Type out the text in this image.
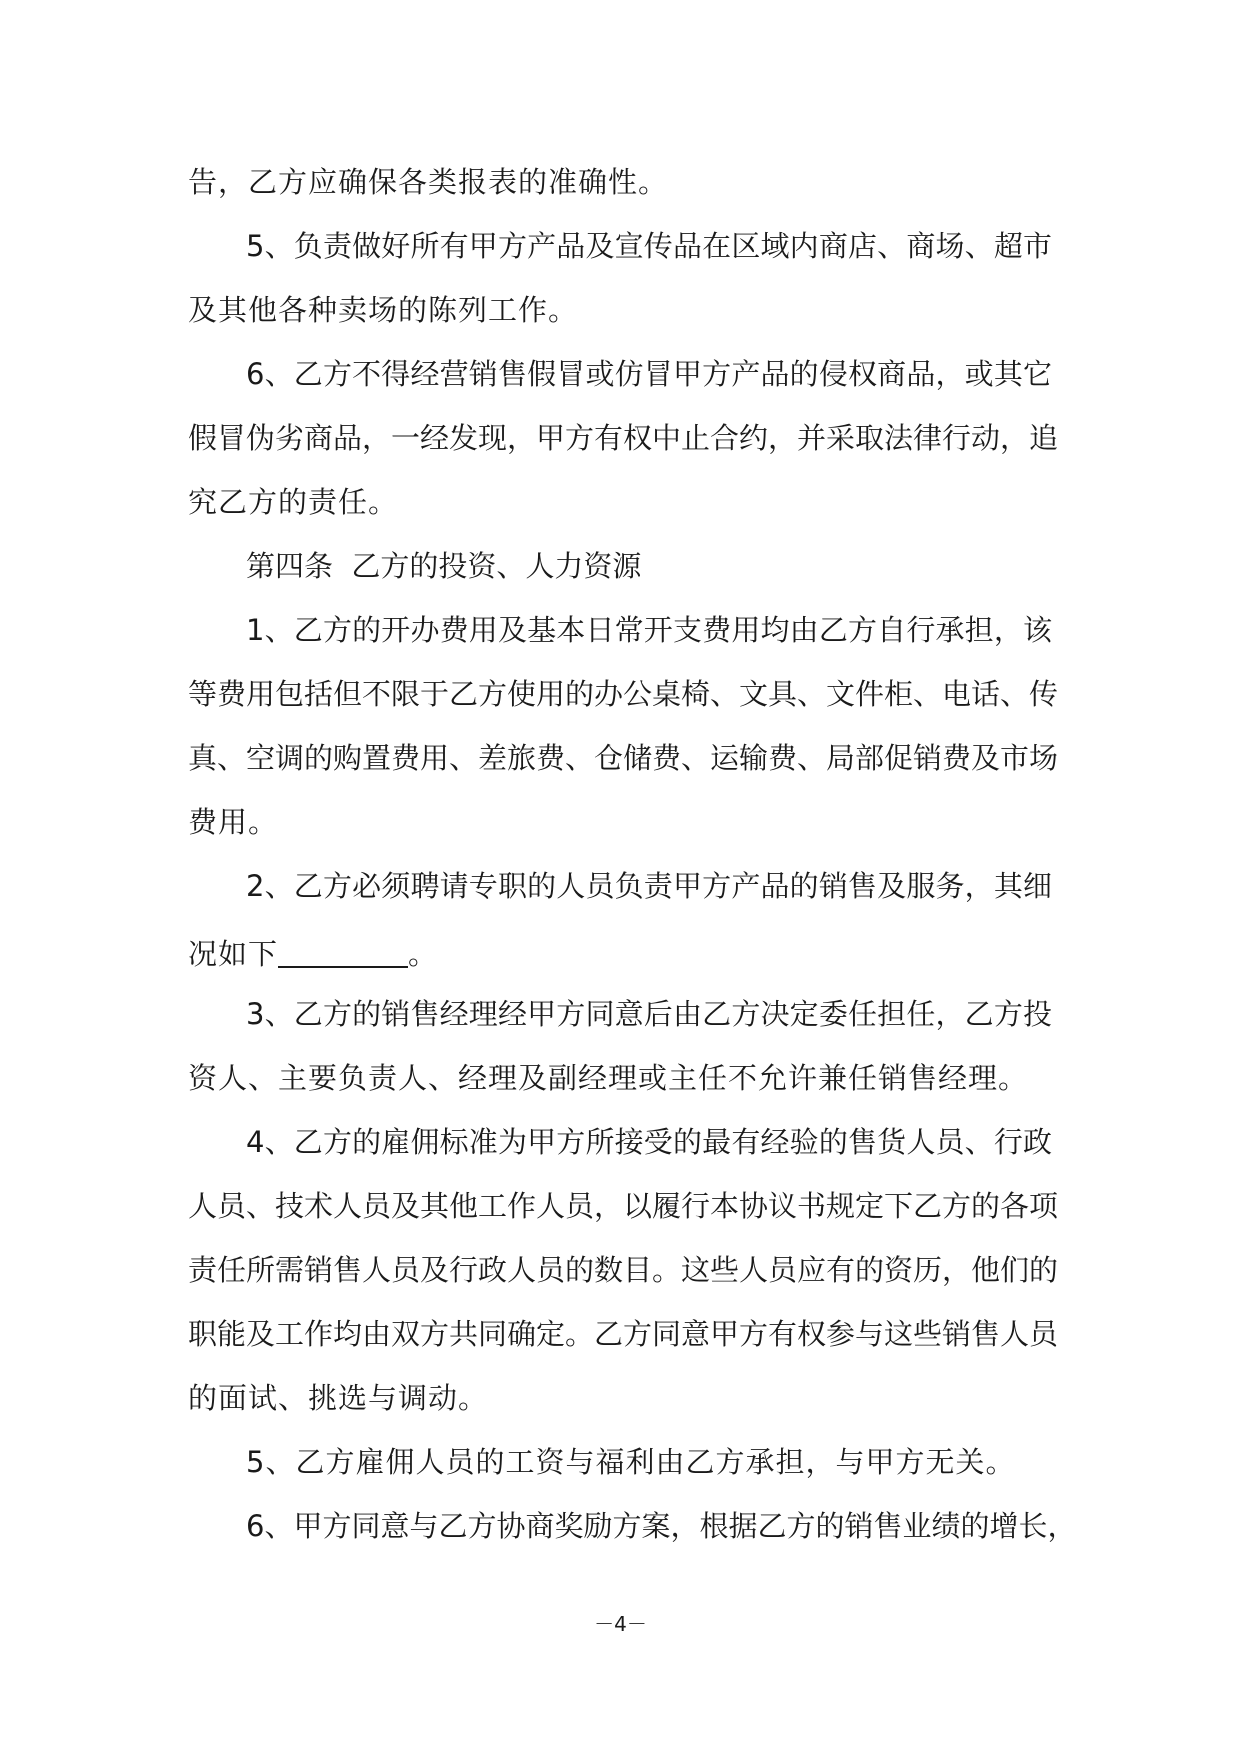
告，乙方应确保各类报表的准确性。
5、负责做好所有甲方产品及宣传品在区域内商店、商场、超市
及其他各种卖场的陈列工作。
6、乙方不得经营销售假冒或仿冒甲方产品的侵权商品，或其它
假冒伪劣商品，一经发现，甲方有权中止合约，并采取法律行动，追
究乙方的责任。
第四条  乙方的投资、人力资源
1、乙方的开办费用及基本日常开支费用均由乙方自行承担，该
等费用包括但不限于乙方使用的办公桌椅、文具、文件柜、电话、传
真、空调的购置费用、差旅费、仓储费、运输费、局部促销费及市场
费用。
2、乙方必须聘请专职的人员负责甲方产品的销售及服务，其细
况如下	。
3、乙方的销售经理经甲方同意后由乙方决定委任担任，乙方投
资人、主要负责人、经理及副经理或主任不允许兼任销售经理。
4、乙方的雇佣标准为甲方所接受的最有经验的售货人员、行政
人员、技术人员及其他工作人员，以履行本协议书规定下乙方的各项
责任所需销售人员及行政人员的数目。这些人员应有的资历，他们的
职能及工作均由双方共同确定。乙方同意甲方有权参与这些销售人员
的面试、挑选与调动。
5、乙方雇佣人员的工资与福利由乙方承担，与甲方无关。
6、甲方同意与乙方协商奖励方案，根据乙方的销售业绩的增长，
－4－
